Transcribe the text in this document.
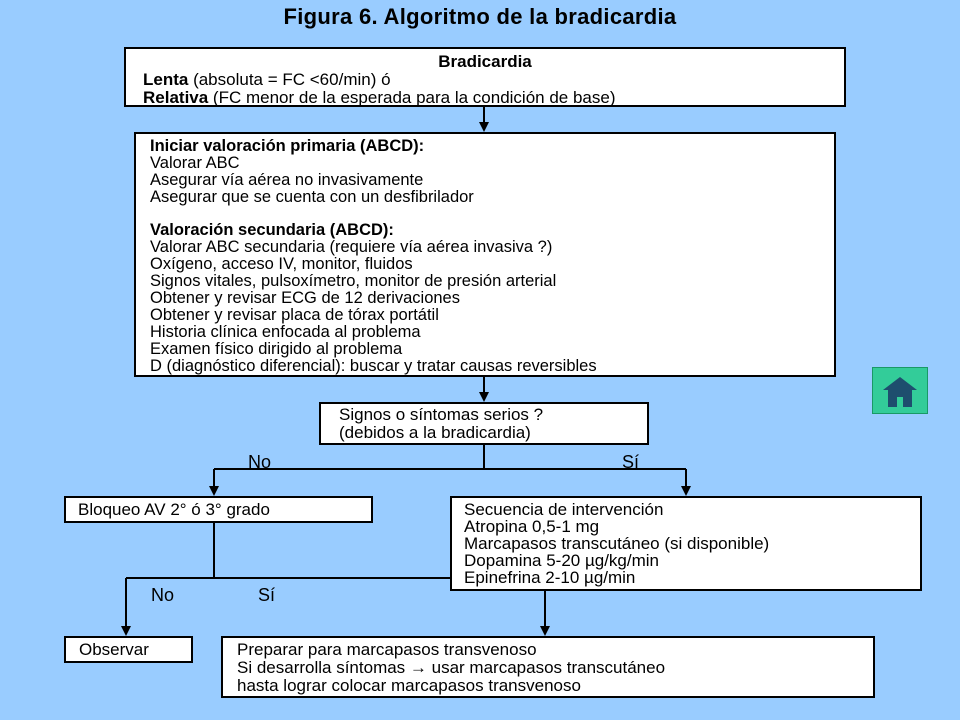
Figura 6. Algoritmo de la bradicardia
Bradicardia
Lenta (absoluta = FC <60/min) ó
Relativa (FC menor de la esperada para la condición de base)
Iniciar valoración primaria (ABCD):
Valorar ABC
Asegurar vía aérea no invasivamente
Asegurar que se cuenta con un desfibrilador
Valoración secundaria (ABCD):
Valorar ABC secundaria (requiere vía aérea invasiva ?)
Oxígeno, acceso IV, monitor, fluidos
Signos vitales, pulsoxímetro, monitor de presión arterial
Obtener y revisar ECG de 12 derivaciones
Obtener y revisar placa de tórax portátil
Historia clínica enfocada al problema
Examen físico dirigido al problema
D (diagnóstico diferencial): buscar y tratar causas reversibles
Signos o síntomas serios ?
(debidos a la bradicardia)
No	Sí
No	Sí
Bloqueo AV 2° ó 3° grado	Secuencia de intervención
Atropina 0,5-1 mg
Marcapasos transcutáneo (si disponible)
Dopamina 5-20 µg/kg/min
Epinefrina 2-10 µg/min
Observar	Preparar para marcapasos transvenoso
Si desarrolla síntomas → usar marcapasos transcutáneo
hasta lograr colocar marcapasos transvenoso
